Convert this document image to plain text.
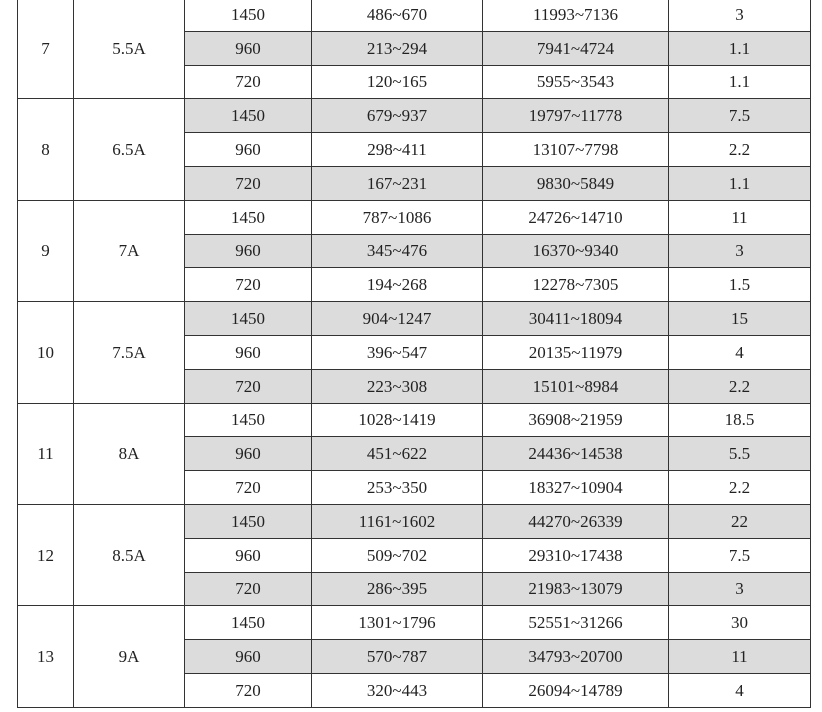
7	5.5A	1450	486~670	11993~7136	3
		960	213~294	7941~4724	1.1
		720	120~165	5955~3543	1.1
8	6.5A	1450	679~937	19797~11778	7.5
		960	298~411	13107~7798	2.2
		720	167~231	9830~5849	1.1
9	7A	1450	787~1086	24726~14710	11
		960	345~476	16370~9340	3
		720	194~268	12278~7305	1.5
10	7.5A	1450	904~1247	30411~18094	15
		960	396~547	20135~11979	4
		720	223~308	15101~8984	2.2
11	8A	1450	1028~1419	36908~21959	18.5
		960	451~622	24436~14538	5.5
		720	253~350	18327~10904	2.2
12	8.5A	1450	1161~1602	44270~26339	22
		960	509~702	29310~17438	7.5
		720	286~395	21983~13079	3
13	9A	1450	1301~1796	52551~31266	30
		960	570~787	34793~20700	11
		720	320~443	26094~14789	4
